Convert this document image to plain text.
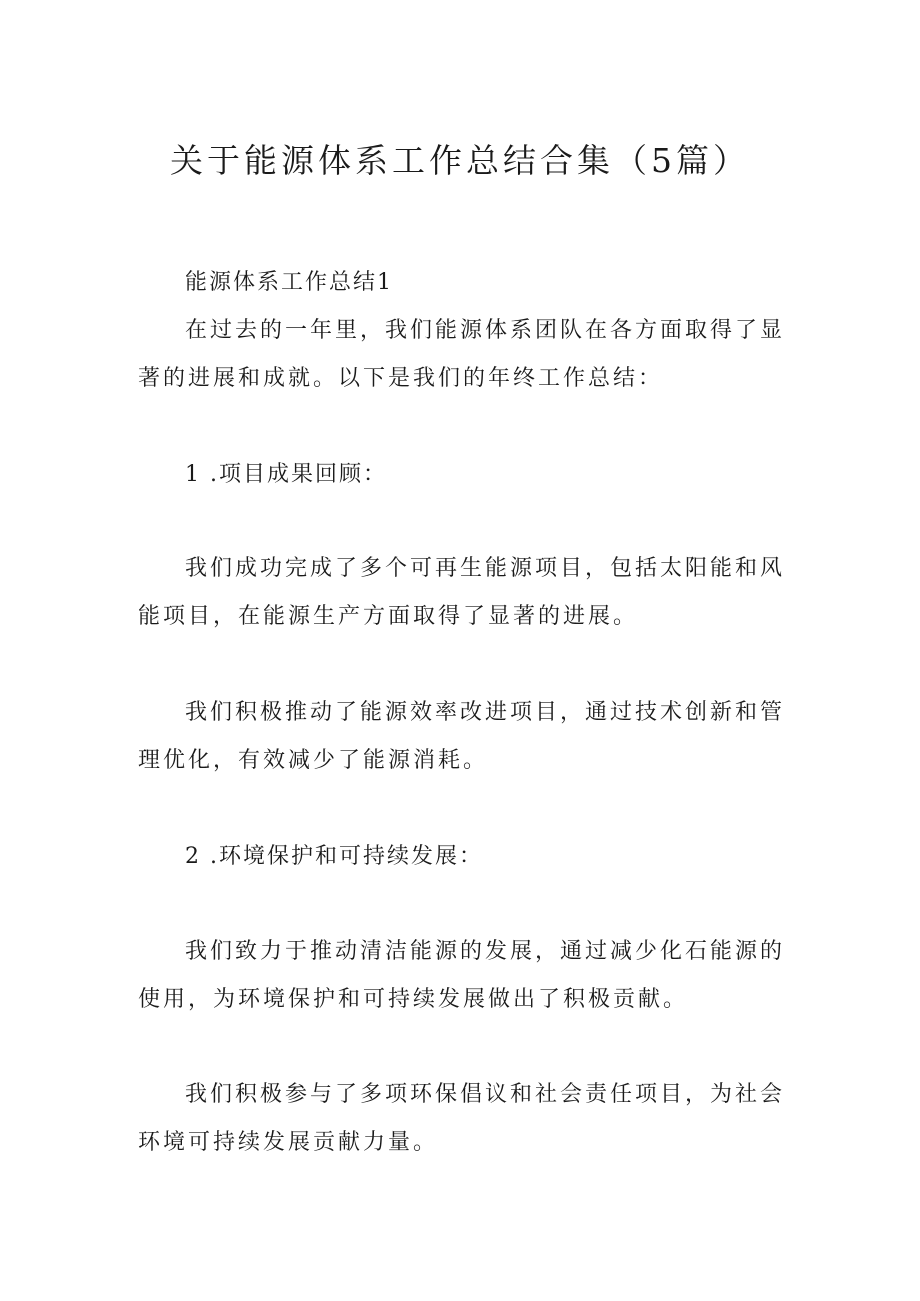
关于能源体系工作总结合集（5篇）

能源体系工作总结1

在过去的一年里，我们能源体系团队在各方面取得了显 著的进展和成就。以下是我们的年终工作总结：

1 .项目成果回顾：

我们成功完成了多个可再生能源项目，包括太阳能和风 能项目，在能源生产方面取得了显著的进展。

我们积极推动了能源效率改进项目，通过技术创新和管 理优化，有效减少了能源消耗。

2 .环境保护和可持续发展：

我们致力于推动清洁能源的发展，通过减少化石能源的 使用，为环境保护和可持续发展做出了积极贡献。

我们积极参与了多项环保倡议和社会责任项目，为社会 环境可持续发展贡献力量。
